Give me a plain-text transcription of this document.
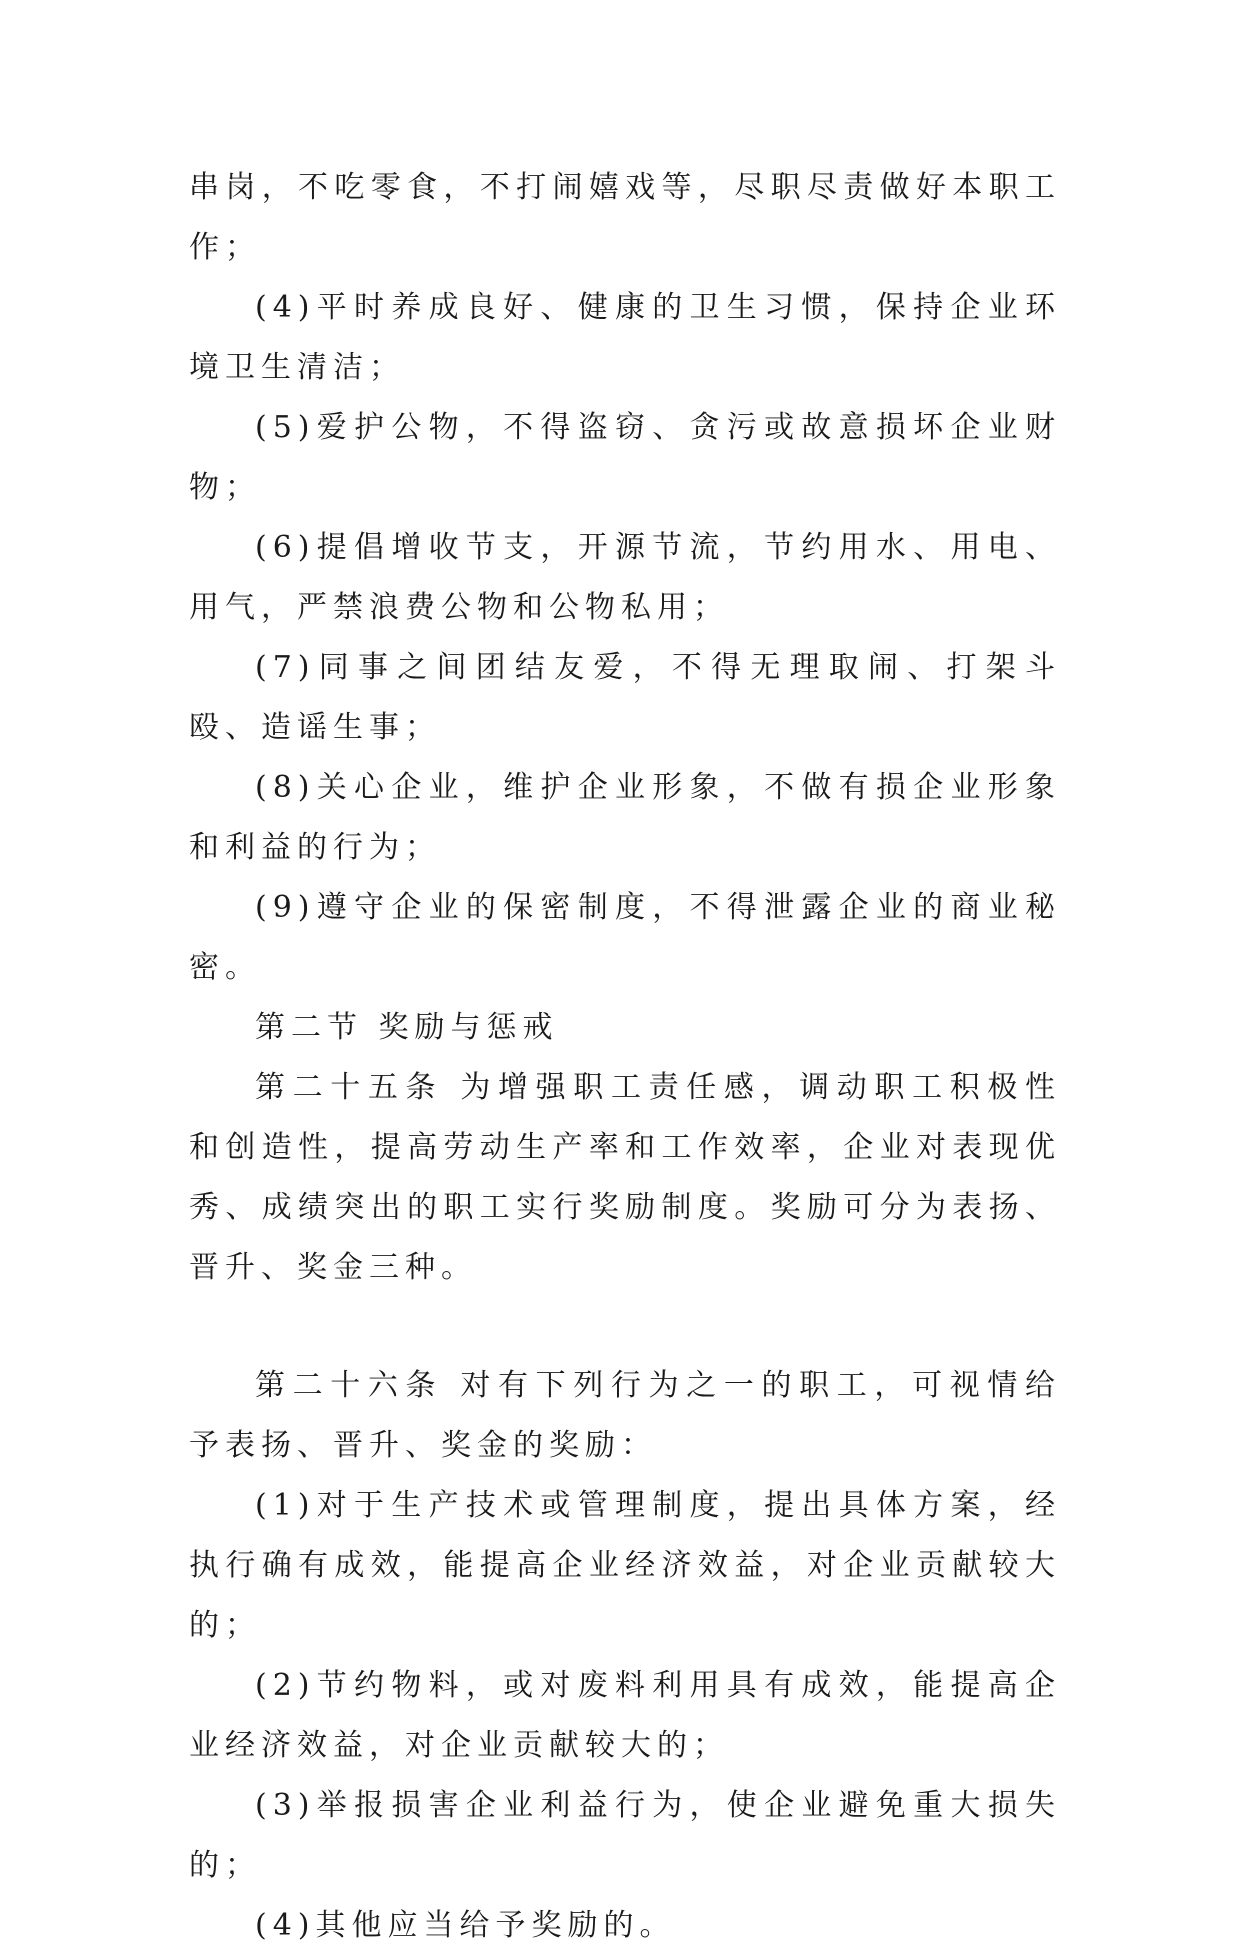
串岗，不吃零食，不打闹嬉戏等，尽职尽责做好本职工作；

(4)平时养成良好、健康的卫生习惯，保持企业环境卫生清洁；

(5)爱护公物，不得盗窃、贪污或故意损坏企业财物；

(6)提倡增收节支，开源节流，节约用水、用电、用气，严禁浪费公物和公物私用；

(7)同事之间团结友爱，不得无理取闹、打架斗殴、造谣生事；

(8)关心企业，维护企业形象，不做有损企业形象和利益的行为；

(9)遵守企业的保密制度，不得泄露企业的商业秘密。

第二节 奖励与惩戒

第二十五条 为增强职工责任感，调动职工积极性和创造性，提高劳动生产率和工作效率，企业对表现优秀、成绩突出的职工实行奖励制度。奖励可分为表扬、晋升、奖金三种。

第二十六条 对有下列行为之一的职工，可视情给予表扬、晋升、奖金的奖励：

(1)对于生产技术或管理制度，提出具体方案，经执行确有成效，能提高企业经济效益，对企业贡献较大的；

(2)节约物料，或对废料利用具有成效，能提高企业经济效益，对企业贡献较大的；

(3)举报损害企业利益行为，使企业避免重大损失的；

(4)其他应当给予奖励的。
